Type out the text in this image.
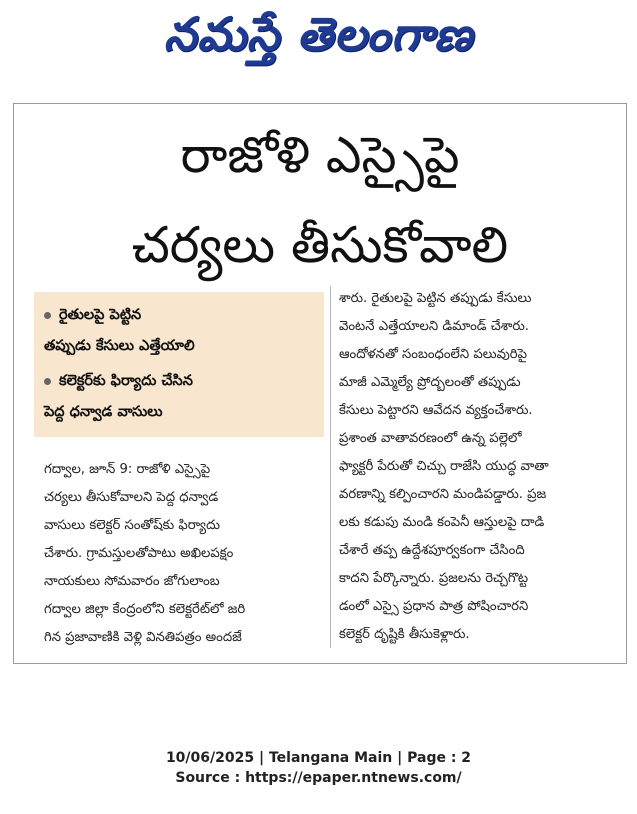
నమస్తే తెలంగాణ
రాజోళి ఎస్సైపై
చర్యలు తీసుకోవాలి
రైతులపై పెట్టిన
తప్పుడు కేసులు ఎత్తేయాలి
కలెక్టర్‌కు ఫిర్యాదు చేసిన
పెద్ద ధన్వాడ వాసులు

గద్వాల, జూన్ 9: రాజోళి ఎస్సైపై

చర్యలు తీసుకోవాలని పెద్ద ధన్వాడ

వాసులు కలెక్టర్ సంతోష్‌కు ఫిర్యాదు

చేశారు. గ్రామస్తులతోపాటు అఖిలపక్షం

నాయకులు సోమవారం జోగులాంబ

గద్వాల జిల్లా కేంద్రంలోని కలెక్టరేట్‌లో జరి

గిన ప్రజావాణికి వెళ్లి వినతిపత్రం అందజే

శారు. రైతులపై పెట్టిన తప్పుడు కేసులు

వెంటనే ఎత్తేయాలని డిమాండ్ చేశారు.

ఆందోళనతో సంబంధంలేని పలువురిపై

మాజీ ఎమ్మెల్యే ప్రోద్బలంతో తప్పుడు

కేసులు పెట్టారని ఆవేదన వ్యక్తంచేశారు.

ప్రశాంత వాతావరణంలో ఉన్న పల్లెలో

ఫ్యాక్టరీ పేరుతో చిచ్చు రాజేసి యుద్ధ వాతా

వరణాన్ని కల్పించారని మండిపడ్డారు. ప్రజ

లకు కడుపు మండి కంపెనీ ఆస్తులపై దాడి

చేశారే తప్ప ఉద్దేశపూర్వకంగా చేసింది

కాదని పేర్కొన్నారు. ప్రజలను రెచ్చగొట్ట

డంలో ఎస్సై ప్రధాన పాత్ర పోషించారని

కలెక్టర్ దృష్టికి తీసుకెళ్లారు.

10/06/2025 | Telangana Main | Page : 2
Source : https://epaper.ntnews.com/
